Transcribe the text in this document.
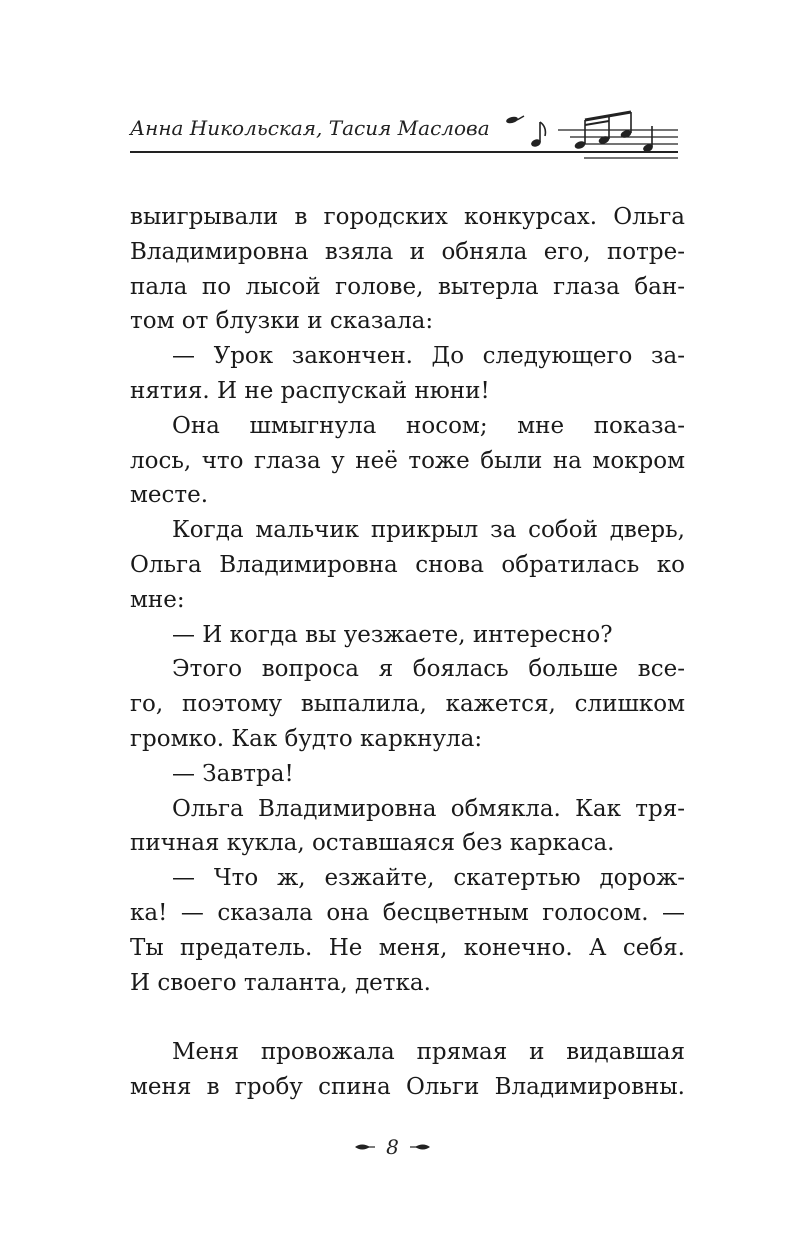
Анна Никольская, Тасия Маслова
выигрывали в городских конкурсах. Ольга
Владимировна взяла и обняла его, потре-
пала по лысой голове, вытерла глаза бан-
том от блузки и сказала:
— Урок закончен. До следующего за-
нятия. И не распускай нюни!
Она шмыгнула носом; мне показа-
лось, что глаза у неё тоже были на мокром
месте.
Когда мальчик прикрыл за собой дверь,
Ольга Владимировна снова обратилась ко
мне:
— И когда вы уезжаете, интересно?
Этого вопроса я боялась больше все-
го, поэтому выпалила, кажется, слишком
громко. Как будто каркнула:
— Завтра!
Ольга Владимировна обмякла. Как тря-
пичная кукла, оставшаяся без каркаса.
— Что ж, езжайте, скатертью дорож-
ка! — сказала она бесцветным голосом. —
Ты предатель. Не меня, конечно. А себя.
И своего таланта, детка.
Меня провожала прямая и видавшая
меня в гробу спина Ольги Владимировны.
8
